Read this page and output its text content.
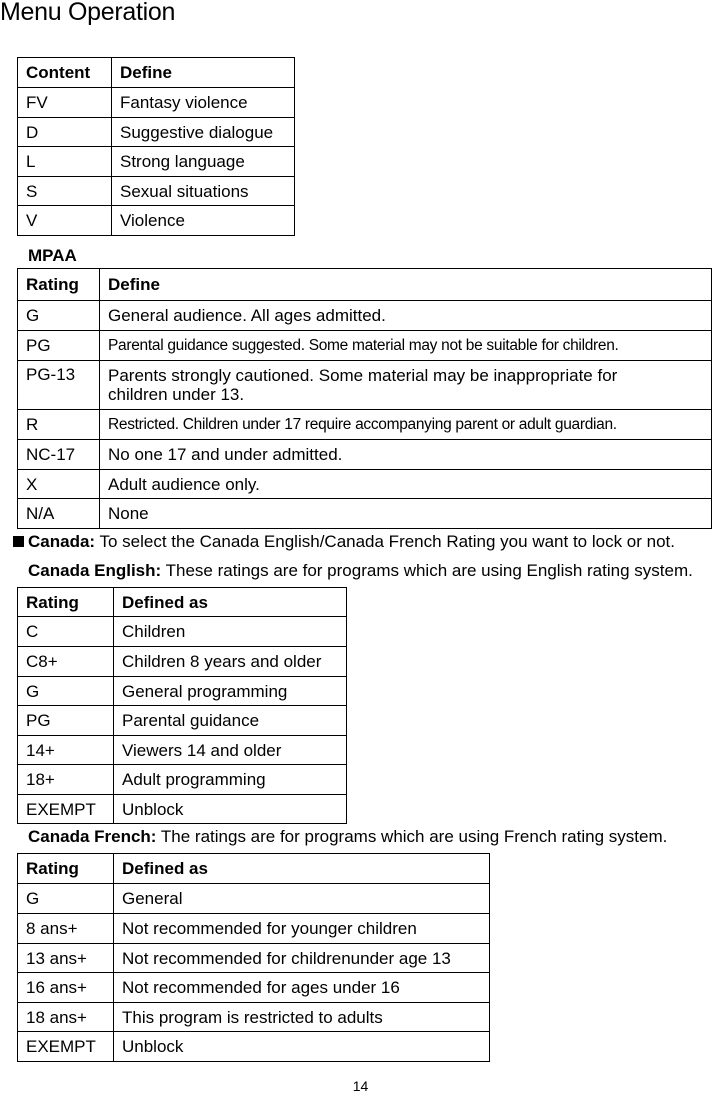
Menu Operation
Content	Define
FV	Fantasy violence
D	Suggestive dialogue
L	Strong language
S	Sexual situations
V	Violence
MPAA
Rating	Define
G	General audience. All ages admitted.
PG	Parental guidance suggested. Some material may not be suitable for children.
PG-13	Parents strongly cautioned. Some material may be inappropriate for children under 13.
R	Restricted. Children under 17 require accompanying parent or adult guardian.
NC-17	No one 17 and under admitted.
X	Adult audience only.
N/A	None
Canada: To select the Canada English/Canada French Rating you want to lock or not.
Canada English: These ratings are for programs which are using English rating system.
Rating	Defined as
C	Children
C8+	Children 8 years and older
G	General programming
PG	Parental guidance
14+	Viewers 14 and older
18+	Adult programming
EXEMPT	Unblock
Canada French: The ratings are for programs which are using French rating system.
Rating	Defined as
G	General
8 ans+	Not recommended for younger children
13 ans+	Not recommended for childrenunder age 13
16 ans+	Not recommended for ages under 16
18 ans+	This program is restricted to adults
EXEMPT	Unblock
14
